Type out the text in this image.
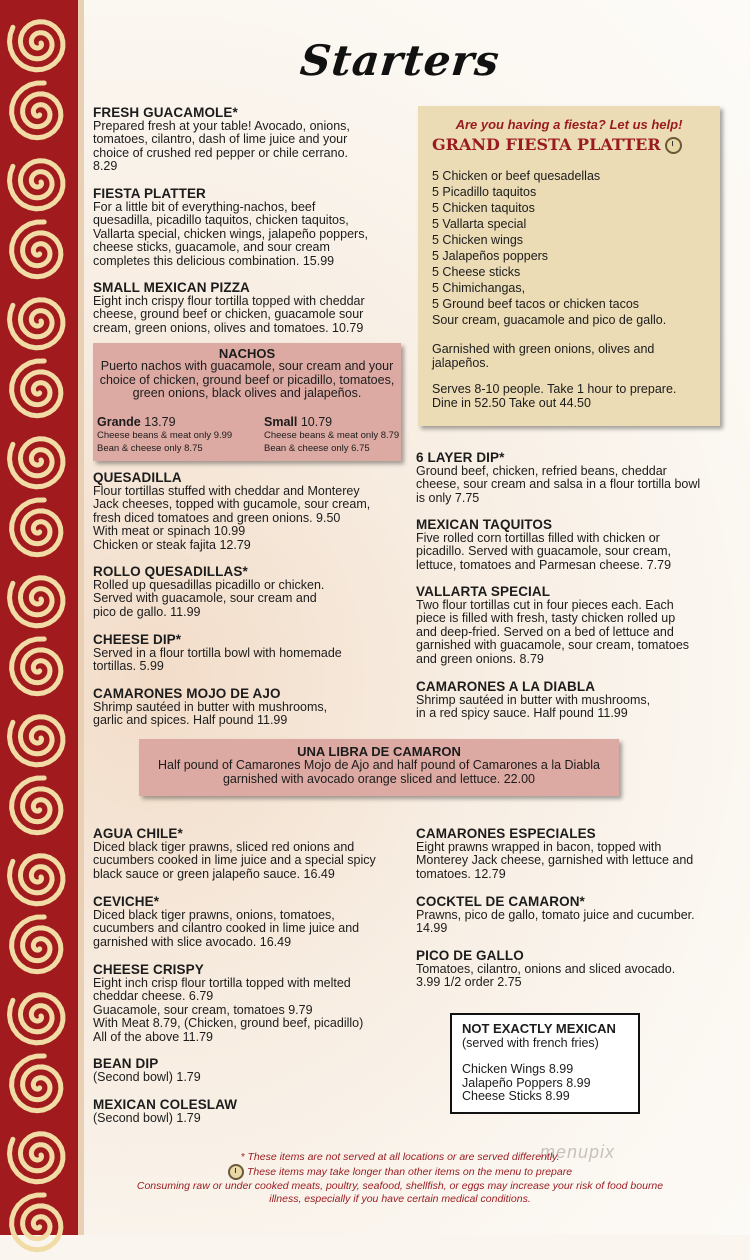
Starters
FRESH GUACAMOLE*
Prepared fresh at your table! Avocado, onions,
tomatoes, cilantro, dash of lime juice and your
choice of crushed red pepper or chile cerrano.
8.29
FIESTA PLATTER
For a little bit of everything-nachos, beef
quesadilla, picadillo taquitos, chicken taquitos,
Vallarta special, chicken wings, jalapeño poppers,
cheese sticks, guacamole, and sour cream
completes this delicious combination. 15.99
SMALL MEXICAN PIZZA
Eight inch crispy flour tortilla topped with cheddar
cheese, ground beef or chicken, guacamole sour
cream, green onions, olives and tomatoes. 10.79
NACHOS
Puerto nachos with guacamole, sour cream and your choice of chicken, ground beef or picadillo, tomatoes, green onions, black olives and jalapeños.
Grande 13.79
Cheese beans & meat only 9.99
Bean & cheese only 8.75
Small 10.79
Cheese beans & meat only 8.79
Bean & cheese only 6.75
QUESADILLA
Flour tortillas stuffed with cheddar and Monterey
Jack cheeses, topped with gucamole, sour cream,
fresh diced tomatoes and green onions. 9.50
With meat or spinach 10.99
Chicken or steak fajita 12.79
ROLLO QUESADILLAS*
Rolled up quesadillas picadillo or chicken.
Served with guacamole, sour cream and
pico de gallo. 11.99
CHEESE DIP*
Served in a flour tortilla bowl with homemade
tortillas. 5.99
CAMARONES MOJO DE AJO
Shrimp sautéed in butter with mushrooms,
garlic and spices. Half pound 11.99
Are you having a fiesta? Let us help!
GRAND FIESTA PLATTER
5 Chicken or beef quesadellas
5 Picadillo taquitos
5 Chicken taquitos
5 Vallarta special
5 Chicken wings
5 Jalapeños poppers
5 Cheese sticks
5 Chimichangas,
5 Ground beef tacos or chicken tacos
Sour cream, guacamole and pico de gallo.
Garnished with green onions, olives and
jalapeños.
Serves 8-10 people. Take 1 hour to prepare.
Dine in 52.50 Take out 44.50
6 LAYER DIP*
Ground beef, chicken, refried beans, cheddar
cheese, sour cream and salsa in a flour tortilla bowl
is only 7.75
MEXICAN TAQUITOS
Five rolled corn tortillas filled with chicken or
picadillo. Served with guacamole, sour cream,
lettuce, tomatoes and Parmesan cheese. 7.79
VALLARTA SPECIAL
Two flour tortillas cut in four pieces each. Each
piece is filled with fresh, tasty chicken rolled up
and deep-fried. Served on a bed of lettuce and
garnished with guacamole, sour cream, tomatoes
and green onions. 8.79
CAMARONES A LA DIABLA
Shrimp sautéed in butter with mushrooms,
in a red spicy sauce. Half pound 11.99
UNA LIBRA DE CAMARON
Half pound of Camarones Mojo de Ajo and half pound of Camarones a la Diabla
garnished with avocado orange sliced and lettuce. 22.00
AGUA CHILE*
Diced black tiger prawns, sliced red onions and
cucumbers cooked in lime juice and a special spicy
black sauce or green jalapeño sauce. 16.49
CEVICHE*
Diced black tiger prawns, onions, tomatoes,
cucumbers and cilantro cooked in lime juice and
garnished with slice avocado. 16.49
CHEESE CRISPY
Eight inch crisp flour tortilla topped with melted
cheddar cheese. 6.79
Guacamole, sour cream, tomatoes 9.79
With Meat 8.79, (Chicken, ground beef, picadillo)
All of the above 11.79
BEAN DIP
(Second bowl) 1.79
MEXICAN COLESLAW
(Second bowl) 1.79
CAMARONES ESPECIALES
Eight prawns wrapped in bacon, topped with
Monterey Jack cheese, garnished with lettuce and
tomatoes. 12.79
COCKTEL DE CAMARON*
Prawns, pico de gallo, tomato juice and cucumber.
14.99
PICO DE GALLO
Tomatoes, cilantro, onions and sliced avocado.
3.99 1/2 order 2.75
NOT EXACTLY MEXICAN
(served with french fries)
Chicken Wings 8.99
Jalapeño Poppers 8.99
Cheese Sticks 8.99
menupix
* These items are not served at all locations or are served differently.
These items may take longer than other items on the menu to prepare
Consuming raw or under cooked meats, poultry, seafood, shellfish, or eggs may increase your risk of food bourne
illness, especially if you have certain medical conditions.
